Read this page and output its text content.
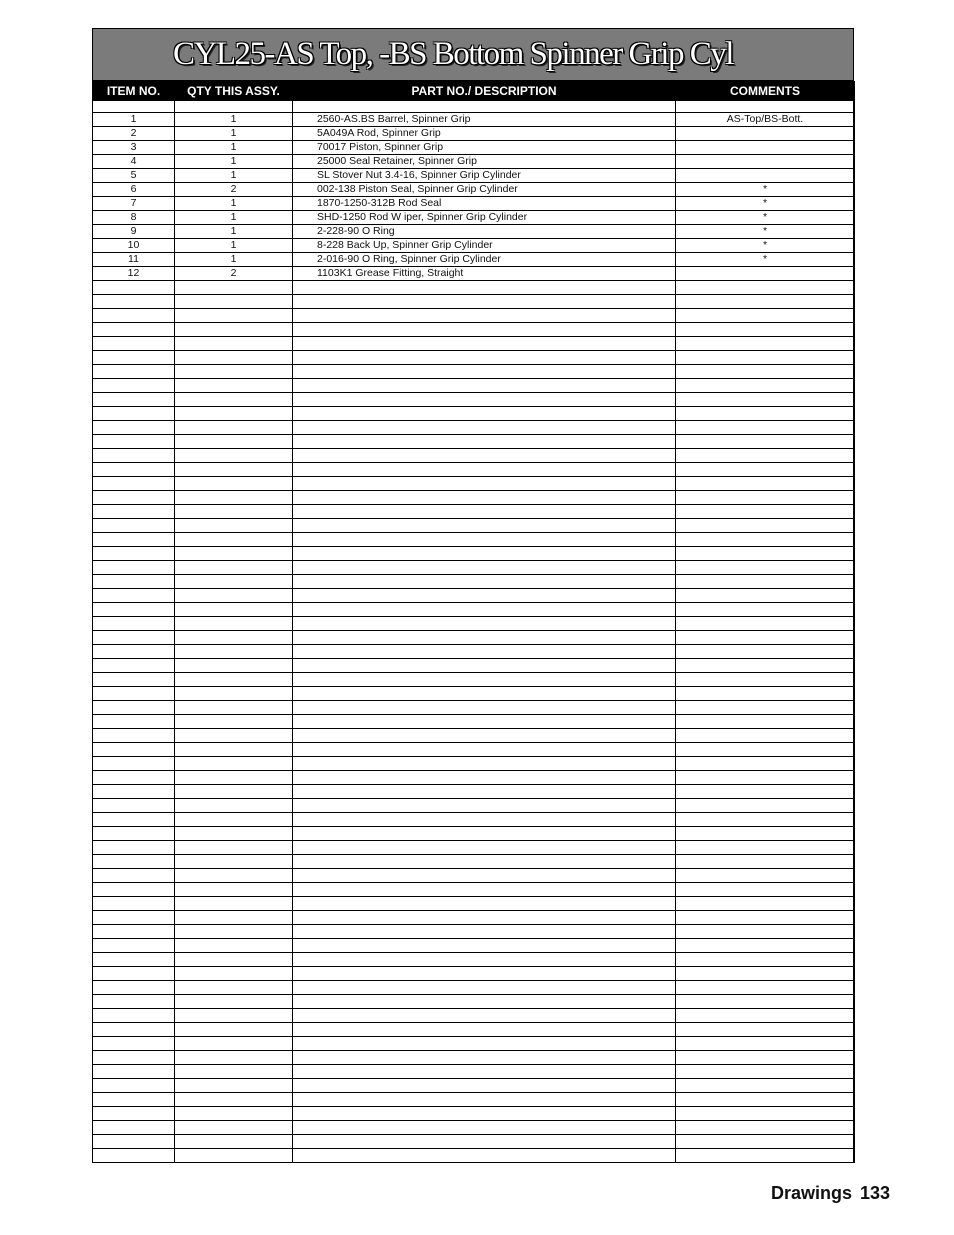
CYL25-AS Top, -BS Bottom Spinner Grip Cyl
ITEM NO.	QTY THIS ASSY.	PART NO./ DESCRIPTION	COMMENTS

1	1	2560-AS.BS Barrel, Spinner Grip	AS-Top/BS-Bott.
2	1	5A049A Rod, Spinner Grip	
3	1	70017 Piston, Spinner Grip	
4	1	25000 Seal Retainer, Spinner Grip	
5	1	SL Stover Nut 3.4-16, Spinner Grip Cylinder	
6	2	002-138 Piston Seal, Spinner Grip Cylinder	*
7	1	1870-1250-312B Rod Seal	*
8	1	SHD-1250 Rod W iper, Spinner Grip Cylinder	*
9	1	2-228-90 O Ring	*
10	1	8-228 Back Up, Spinner Grip Cylinder	*
11	1	2-016-90 O Ring, Spinner Grip Cylinder	*
12	2	1103K1 Grease Fitting, Straight	

Drawings 133
